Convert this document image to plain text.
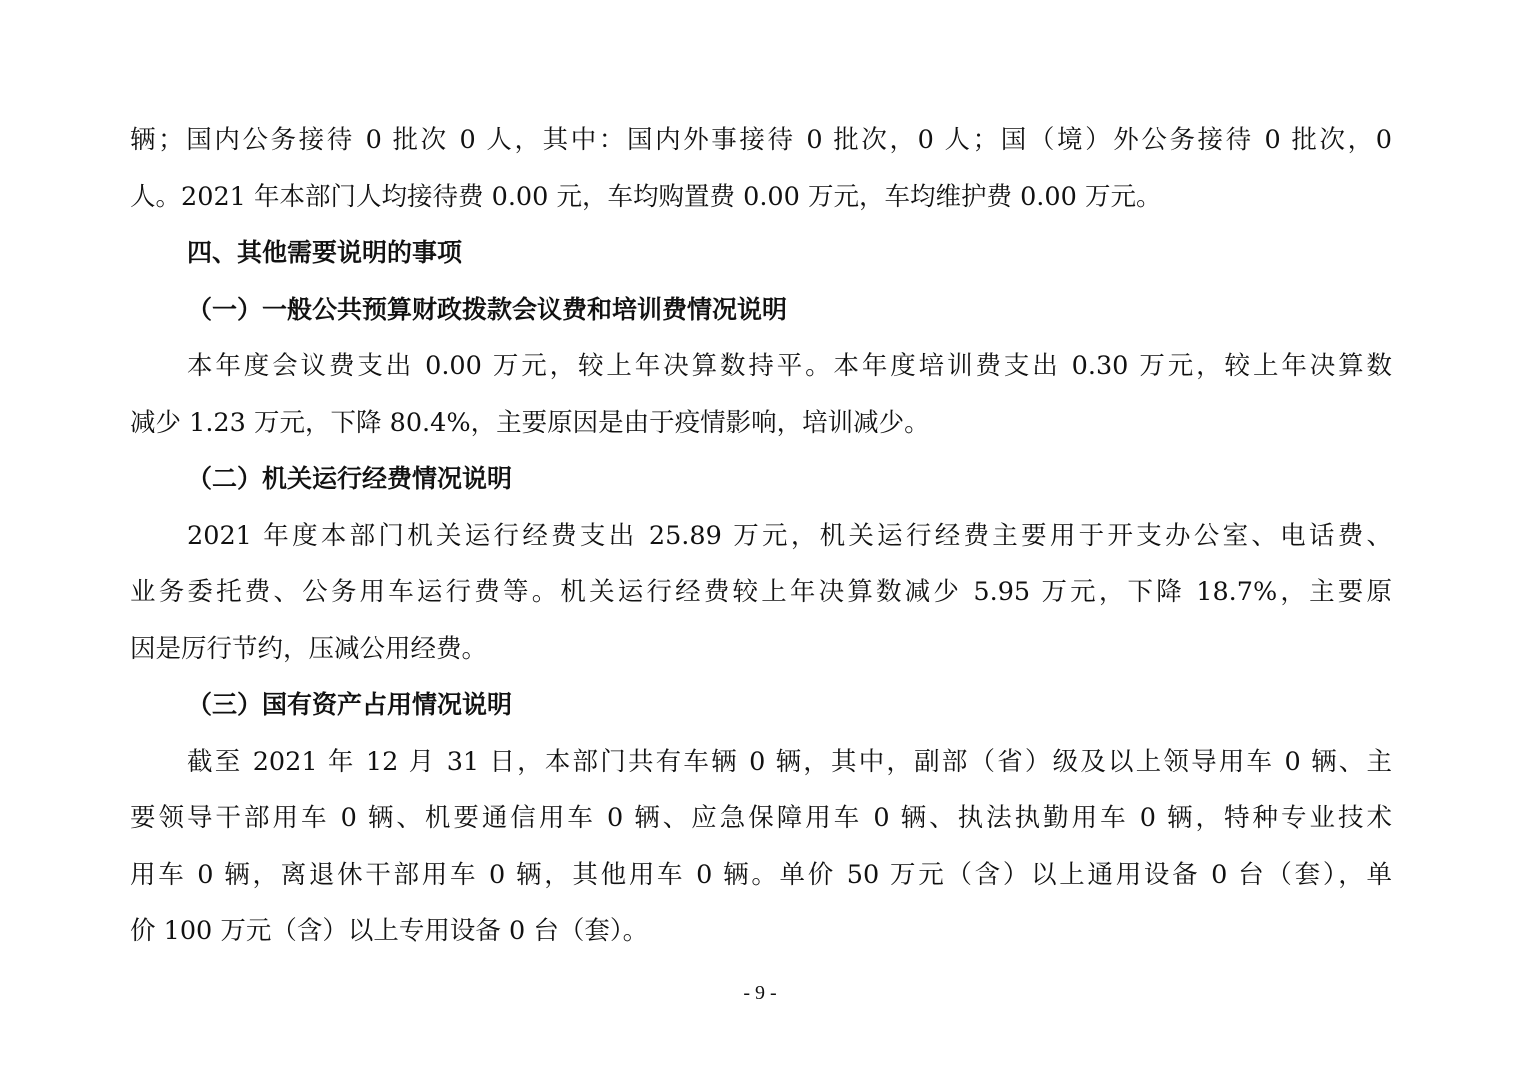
辆；国内公务接待 0 批次 0 人，其中：国内外事接待 0 批次，0 人；国（境）外公务接待 0 批次，0
人。2021 年本部门人均接待费 0.00 元，车均购置费 0.00 万元，车均维护费 0.00 万元。
四、其他需要说明的事项
（一）一般公共预算财政拨款会议费和培训费情况说明
本年度会议费支出 0.00 万元，较上年决算数持平。本年度培训费支出 0.30 万元，较上年决算数
减少 1.23 万元，下降 80.4%，主要原因是由于疫情影响，培训减少。
（二）机关运行经费情况说明
2021 年度本部门机关运行经费支出 25.89 万元，机关运行经费主要用于开支办公室、电话费、
业务委托费、公务用车运行费等。机关运行经费较上年决算数减少 5.95 万元，下降 18.7%，主要原
因是厉行节约，压减公用经费。
（三）国有资产占用情况说明
截至 2021 年 12 月 31 日，本部门共有车辆 0 辆，其中，副部（省）级及以上领导用车 0 辆、主
要领导干部用车 0 辆、机要通信用车 0 辆、应急保障用车 0 辆、执法执勤用车 0 辆，特种专业技术
用车 0 辆，离退休干部用车 0 辆，其他用车 0 辆。单价 50 万元（含）以上通用设备 0 台（套），单
价 100 万元（含）以上专用设备 0 台（套）。
- 9 -
